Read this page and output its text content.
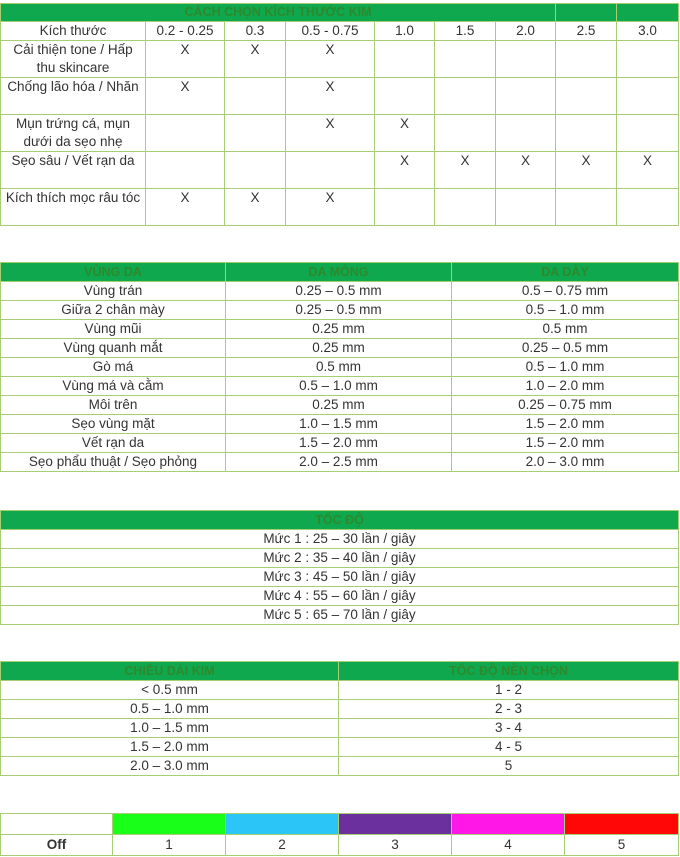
CÁCH CHỌN KÍCH THƯỚC KIM								
Kích thước	0.2 - 0.25	0.3	0.5 - 0.75	1.0	1.5	2.0	2.5	3.0
Cải thiện tone / Hấp thu skincare	X	X	X					
Chống lão hóa / Nhăn	X		X					
Mụn trứng cá, mụn dưới da sẹo nhẹ			X	X				
Sẹo sâu / Vết rạn da				X	X	X	X	X
Kích thích mọc râu tóc	X	X	X					
VÙNG DA	DA MỎNG	DA DÀY
Vùng trán	0.25 – 0.5 mm	0.5 – 0.75 mm
Giữa 2 chân mày	0.25 – 0.5 mm	0.5 – 1.0 mm
Vùng mũi	0.25 mm	0.5 mm
Vùng quanh mắt	0.25 mm	0.25 – 0.5 mm
Gò má	0.5 mm	0.5 – 1.0 mm
Vùng má và cằm	0.5 – 1.0 mm	1.0 – 2.0 mm
Môi trên	0.25 mm	0.25 – 0.75 mm
Sẹo vùng mặt	1.0 – 1.5 mm	1.5 – 2.0 mm
Vết rạn da	1.5 – 2.0 mm	1.5 – 2.0 mm
Sẹo phẩu thuật / Sẹo phỏng	2.0 – 2.5 mm	2.0 – 3.0 mm
TỐC ĐỘ
Mức 1 : 25 – 30 lần / giây
Mức 2 : 35 – 40 lần / giây
Mức 3 : 45 – 50 lần / giây
Mức 4 : 55 – 60 lần / giây
Mức 5 : 65 – 70 lần / giây
CHIỀU DÀI KIM	TỐC ĐỘ NÊN CHỌN
< 0.5 mm	1 - 2
0.5 – 1.0 mm	2 - 3
1.0 – 1.5 mm	3 - 4
1.5 – 2.0 mm	4 - 5
2.0 – 3.0 mm	5

Off	1	2	3	4	5
